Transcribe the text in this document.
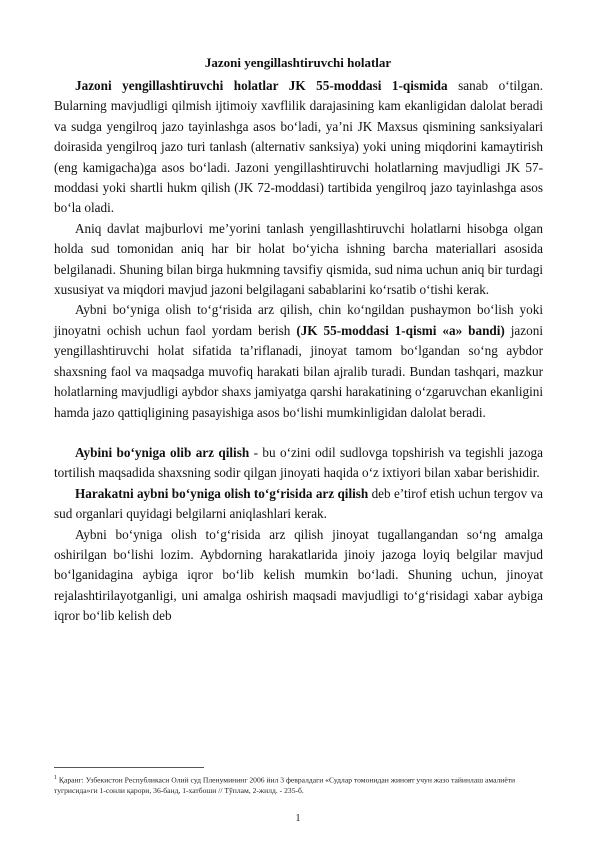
Jazoni yengillashtiruvchi holatlar

Jazoni yengillashtiruvchi holatlar JK 55-moddasi 1-qismida sanab o‘tilgan. Bularning mavjudligi qilmish ijtimoiy xavflilik darajasining kam ekanligidan dalolat beradi va sudga yengilroq jazo tayinlashga asos bo‘ladi, ya’ni JK Maxsus qismining sanksiyalari doirasida yengilroq jazo turi tanlash (alternativ sanksiya) yoki uning miqdorini kamaytirish (eng kamigacha)ga asos bo‘ladi. Jazoni yengillashtiruvchi holatlarning mavjudligi JK 57-moddasi yoki shartli hukm qilish (JK 72-moddasi) tartibida yengilroq jazo tayinlashga asos bo‘la oladi.

Aniq davlat majburlovi me’yorini tanlash yengillashtiruvchi holatlarni hisobga olgan holda sud tomonidan aniq har bir holat bo‘yicha ishning barcha materiallari asosida belgilanadi. Shuning bilan birga hukmning tavsifiy qismida, sud nima uchun aniq bir turdagi xususiyat va miqdori mavjud jazoni belgilagani sabablarini ko‘rsatib o‘tishi kerak.

Aybni bo‘yniga olish to‘g‘risida arz qilish, chin ko‘ngildan pushaymon bo‘lish yoki jinoyatni ochish uchun faol yordam berish (JK 55-moddasi 1-qismi «a» bandi) jazoni yengillashtiruvchi holat sifatida ta’riflanadi, jinoyat tamom bo‘lgandan so‘ng aybdor shaxsning faol va maqsadga muvofiq harakati bilan ajralib turadi. Bundan tashqari, mazkur holatlarning mavjudligi aybdor shaxs jamiyatga qarshi harakatining o‘zgaruvchan ekanligini hamda jazo qattiqligining pasayishiga asos bo‘lishi mumkinligidan dalolat beradi.

Aybini bo‘yniga olib arz qilish - bu o‘zini odil sudlovga topshirish va tegishli jazoga tortilish maqsadida shaxsning sodir qilgan jinoyati haqida o‘z ixtiyori bilan xabar berishidir.

Harakatni aybni bo‘yniga olish to‘g‘risida arz qilish deb e’tirof etish uchun tergov va sud organlari quyidagi belgilarni aniqlashlari kerak.

Aybni bo‘yniga olish to‘g‘risida arz qilish jinoyat tugallangandan so‘ng amalga oshirilgan bo‘lishi lozim. Aybdorning harakatlarida jinoiy jazoga loyiq belgilar mavjud bo‘lganidagina aybiga iqror bo‘lib kelish mumkin bo‘ladi. Shuning uchun, jinoyat rejalashtirilayotganligi, uni amalga oshirish maqsadi mavjudligi to‘g‘risidagi xabar aybiga iqror bo‘lib kelish deb

$^1$ Қаранг: Узбекистон Республикаси Олий суд Пленумининг 2006 йил 3 февралдаги «Судлар томонидан жиноят учун жазо тайинлаш амалиёти тугрисида»ги 1-сонли қарори, 36-банд, 1-хатбоши // Тўплам, 2-жилд. - 235-б.
1
